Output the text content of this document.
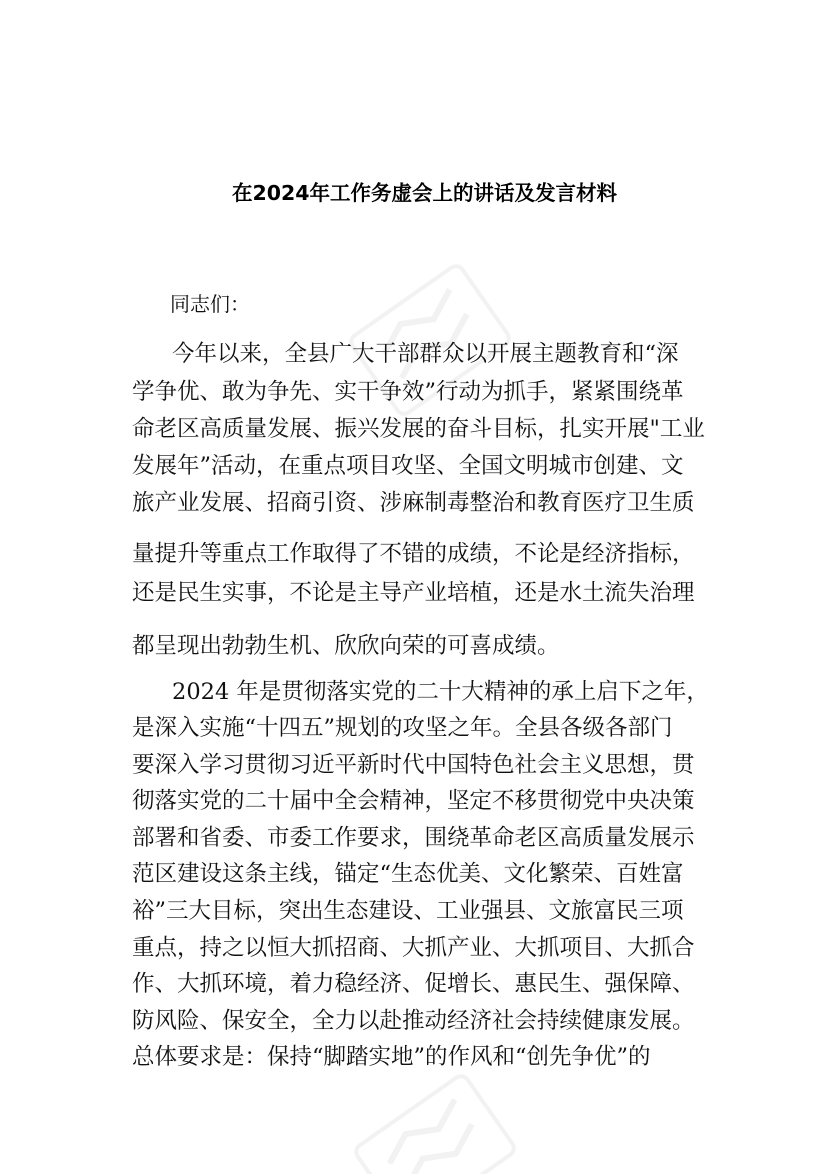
在2024年工作务虚会上的讲话及发言材料
同志们：
今年以来，全县广大干部群众以开展主题教育和“深
学争优、敢为争先、实干争效”行动为抓手，紧紧围绕革
命老区高质量发展、振兴发展的奋斗目标，扎实开展"工业
发展年”活动，在重点项目攻坚、全国文明城市创建、文
旅产业发展、招商引资、涉麻制毒整治和教育医疗卫生质
量提升等重点工作取得了不错的成绩，不论是经济指标，
还是民生实事，不论是主导产业培植，还是水土流失治理
都呈现出勃勃生机、欣欣向荣的可喜成绩。
2024 年是贯彻落实党的二十大精神的承上启下之年，
是深入实施“十四五”规划的攻坚之年。全县各级各部门
要深入学习贯彻习近平新时代中国特色社会主义思想，贯
彻落实党的二十届中全会精神，坚定不移贯彻党中央决策
部署和省委、市委工作要求，围绕革命老区高质量发展示
范区建设这条主线，锚定“生态优美、文化繁荣、百姓富
裕”三大目标，突出生态建设、工业强县、文旅富民三项
重点，持之以恒大抓招商、大抓产业、大抓项目、大抓合
作、大抓环境，着力稳经济、促增长、惠民生、强保障、
防风险、保安全，全力以赴推动经济社会持续健康发展。
总体要求是：保持“脚踏实地”的作风和“创先争优”的
